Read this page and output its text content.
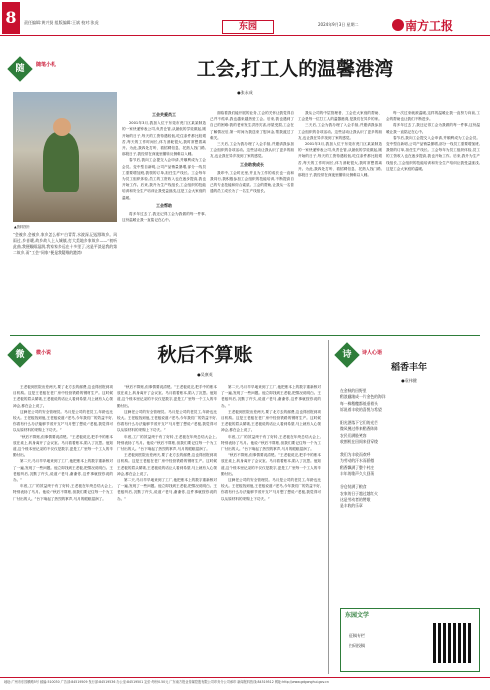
8	责任编辑:黄兴贤 组版编辑:王斌 校对:张虎	东园	2024年9月3日 星期二	南方工报
随	随笔小札	工会,打工人的温馨港湾
●张永成
▲资料图片
“会被乡,会被乡,家乡怎么样?”白青青,水波深,记起那故乡。风雨过,乡音暖,故乡故人上入城镇,打大美地乡家故乡——”初听此曲,我便眼眶湿润,我家家乡远在十多里了,这是平淡是我的第二故乡,而“工会”同家”便是我疑唯的港湾!

工会关爱员工

2001年3月,我加入位于东莞市虎门区某某制造的一家快递钟表公司,负责仓管,从最低的学徒做起,刚开始的日子,每天的工资待遇较低,吃住条件都比较艰苦,每天的工作时间长,体力消耗很大,我时常想着离开。为此,我四处打听、看招聘信息、托熟人找门路,那段日子,我经常在深夜里辗转反侧难以入睡。

春节后,我向工会提交入会申请,并顺利成为工会会员。变中型自新明,公司产品销量暴增,部分一线员工需要增加班,我领的订单,担任生产线长。工会每年为员工组织体检,员工的工资收入也在逐步提高,我也开始工作。后来,我升为生产线组长,工会组织的技能培训和安全生产培训让我受益匪浅,这是工会大家庭的温暖。

工会帮助

将多年过去了,我还记得工会为我做的每一件事,这份温暖让我一直铭记在心中。

面临着我们能开展的业务,工会的关怀让我觉得自己并不孤单,我也越来越热爱工会。后来,我也遇到了自己的困难:我的老家发生洪涝灾害,房屋受损,工会在了解情况后,第一时间为我送来了慰问金,帮我渡过了难关。

三天后,工会为我办理了入会手续,并邀请我参加工会组织的各项活动。这些活动让我认识了更多的朋友,也让我在异乡找到了家的感觉。

工会助我成长

我印中,工会时光里,并且为工作的成长也一直和我同行,我积极参加工会组织的技能培训,不断提高自己的专业技能和综合素质。工会的帮助,让我从一名普通的员工成长为了一名生产线组长。

我从公司的中层管理者、工会在大家庭的帮助、工会是每一位打工人的温馨港湾,是我们在异乡的家。

三天后,工会为我办理了入会手续,并邀请我参加工会组织的各项活动。这些活动让我认识了更多的朋友,也让我在异乡找到了家的感觉。

2001年3月,我加入位于东莞市虎门区某某制造的一家快递钟表公司,负责仓管,从最低的学徒做起,刚开始的日子,每天的工资待遇较低,吃住条件都比较艰苦,每天的工作时间长,体力消耗很大,我时常想着离开。为此,我四处打听、看招聘信息、托熟人找门路,那段日子,我经常在深夜里辗转反侧难以入睡。

每一次过来就被温暖,这样的温暖让我一直努力向前,工会的帮助也让我们不断进步。

将多年过去了,我还记得工会为我做的每一件事,这份温暖让我一直铭记在心中。

春节后,我向工会提交入会申请,并顺利成为工会会员。变中型自新明,公司产品销量暴增,部分一线员工需要增加班,我领的订单,担任生产线长。工会每年为员工组织体检,员工的工资收入也在逐步提高,我也开始工作。后来,我升为生产线组长,工会组织的技能培训和安全生产培训让我受益匪浅,这是工会大家庭的温暖。

微	微小说	秋后不算账
●吴康英

王老板到医院出差两天,要了北方去的邮费,这也得回报到项目机构。这是王老板在老厂房中经营铁路的钢材生产。这时候王老板的眉头紧皱,王老板说的话让人看到希望,马上就有人心领神会,都在会上说了。

这俩老公司的安全管理员。马月是公司的老员工,年龄也比较大。王老板找到他,王老板说道:“老马,今年我们厂的效益不好,你看有什么办法能够节省开支?”马月想了想说:“老板,我觉得可以从原材料的采购上下功夫。”

“秋后不算账,但事情要说清楚。”王老板说完,把手中的账本放在桌上,转身离开了会议室。马月看着账本,陷入了沉思。他知道,这个账本里记录的不仅仅是数字,更是工厂里每一个工人的辛勤付出。

第二天,马月早早地来到了工厂,他把账本上的数字重新核对了一遍,发现了一些问题。他立即找到王老板,把情况说明白。王老板听后,沉默了许久,说道:“老马,谢谢你,这件事就按你说的办。”

年底,工厂的效益终于有了好转,王老板在年终总结大会上,特别表扬了马月。他说:“秋后不算账,但我们要记住每一个为工厂付出的人。”台下响起了热烈的掌声,马月的眼眶湿润了。

“秋后不算账,但事情要说清楚。”王老板说完,把手中的账本放在桌上,转身离开了会议室。马月看着账本,陷入了沉思。他知道,这个账本里记录的不仅仅是数字,更是工厂里每一个工人的辛勤付出。

这俩老公司的安全管理员。马月是公司的老员工,年龄也比较大。王老板找到他,王老板说道:“老马,今年我们厂的效益不好,你看有什么办法能够节省开支?”马月想了想说:“老板,我觉得可以从原材料的采购上下功夫。”

年底,工厂的效益终于有了好转,王老板在年终总结大会上,特别表扬了马月。他说:“秋后不算账,但我们要记住每一个为工厂付出的人。”台下响起了热烈的掌声,马月的眼眶湿润了。

王老板到医院出差两天,要了北方去的邮费,这也得回报到项目机构。这是王老板在老厂房中经营铁路的钢材生产。这时候王老板的眉头紧皱,王老板说的话让人看到希望,马上就有人心领神会,都在会上说了。

第二天,马月早早地来到了工厂,他把账本上的数字重新核对了一遍,发现了一些问题。他立即找到王老板,把情况说明白。王老板听后,沉默了许久,说道:“老马,谢谢你,这件事就按你说的办。”

第二天,马月早早地来到了工厂,他把账本上的数字重新核对了一遍,发现了一些问题。他立即找到王老板,把情况说明白。王老板听后,沉默了许久,说道:“老马,谢谢你,这件事就按你说的办。”

王老板到医院出差两天,要了北方去的邮费,这也得回报到项目机构。这是王老板在老厂房中经营铁路的钢材生产。这时候王老板的眉头紧皱,王老板说的话让人看到希望,马上就有人心领神会,都在会上说了。

年底,工厂的效益终于有了好转,王老板在年终总结大会上,特别表扬了马月。他说:“秋后不算账,但我们要记住每一个为工厂付出的人。”台下响起了热烈的掌声,马月的眼眶湿润了。

“秋后不算账,但事情要说清楚。”王老板说完,把手中的账本放在桌上,转身离开了会议室。马月看着账本,陷入了沉思。他知道,这个账本里记录的不仅仅是数字,更是工厂里每一个工人的辛勤付出。

这俩老公司的安全管理员。马月是公司的老员工,年龄也比较大。王老板找到他,王老板说道:“老马,今年我们厂的效益不好,你看有什么办法能够节省开支?”马月想了想说:“老板,我觉得可以从原材料的采购上下功夫。”

诗	诗人心语
稻香丰年
●袁伟健
在金秋的田野里
稻浪翻滚成一片金色的海洋
每一株稻穗都低垂着头
诉说着丰收的喜悦与希望

阳光洒落下它们的光芒
微风拂过带来稻香阵阵
农民们满脸笑容
收割机在田间来回穿梭

我们为丰收而欢呼
为劳动的汗水而骄傲
稻香飘满了整个村庄
丰年的歌声久久回荡

谷仓装满了粮食
农家的日子越过越红火
这是劳动者的赞歌
是丰收的乐章
东园文学
征稿专栏
扫码投稿
地址:广州市东园横路5号 邮编:510030 广告部:84519509 发行部:84519536 办公室:84519501 定价:每份0.50元 广东南方报业传媒控股有限公司印务分公司承印 新闻报料热线:84519512 网址:http://www.gdgonghui.gov.cn
